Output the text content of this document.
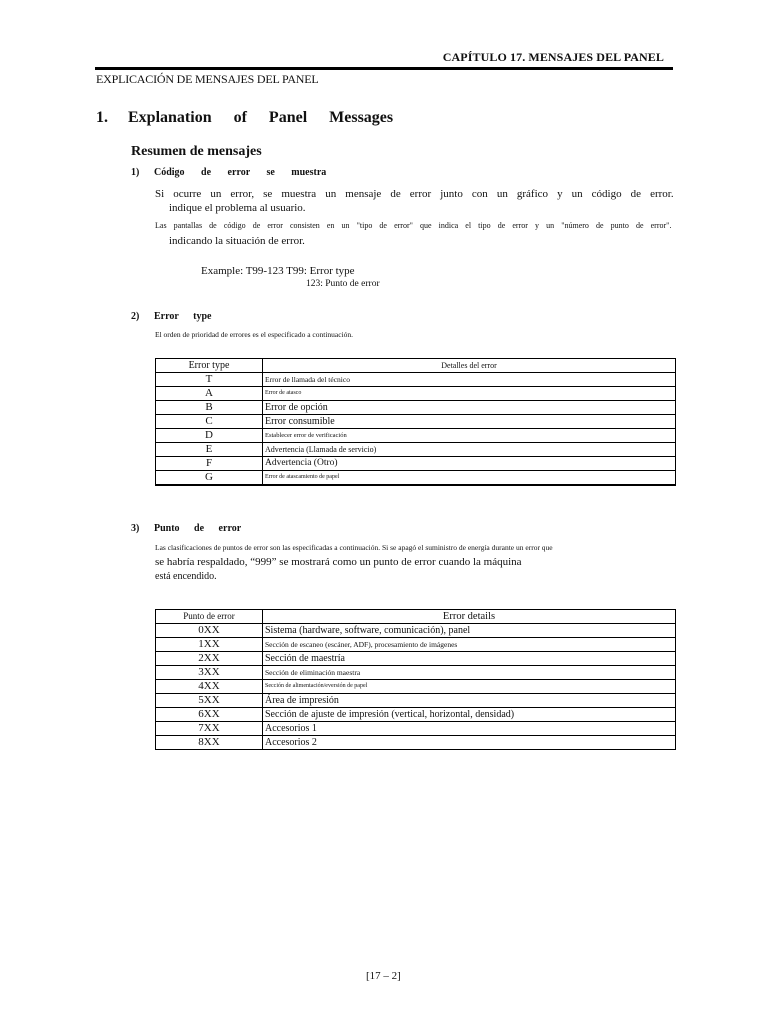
CAPÍTULO 17. MENSAJES DEL PANEL
EXPLICACIÓN DE MENSAJES DEL PANEL
1. Explanation of Panel Messages
Resumen de mensajes
1) Código de error se muestra
Si ocurre un error, se muestra un mensaje de error junto con un gráfico y un código de error.
indique el problema al usuario.
Las pantallas de código de error consisten en un "tipo de error" que indica el tipo de error y un "número de punto de error".
indicando la situación de error.
Example: T99-123 T99: Error type
123: Punto de error
2) Error type
El orden de prioridad de errores es el especificado a continuación.
Error type	Detalles del error
T	Error de llamada del técnico
A	Error de atasco
B	Error de opción
C	Error consumible
D	Establecer error de verificación
E	Advertencia (Llamada de servicio)
F	Advertencia (Otro)
G	Error de atascamiento de papel
3) Punto de error
Las clasificaciones de puntos de error son las especificadas a continuación. Si se apagó el suministro de energía durante un error que
se habría respaldado, “999” se mostrará como un punto de error cuando la máquina
está encendido.
Punto de error	Error details
0XX	Sistema (hardware, software, comunicación), panel
1XX	Sección de escaneo (escáner, ADF), procesamiento de imágenes
2XX	Sección de maestría
3XX	Sección de eliminación maestra
4XX	Sección de alimentación/eversión de papel
5XX	Área de impresión
6XX	Sección de ajuste de impresión (vertical, horizontal, densidad)
7XX	Accesorios 1
8XX	Accesorios 2
[17 – 2]
